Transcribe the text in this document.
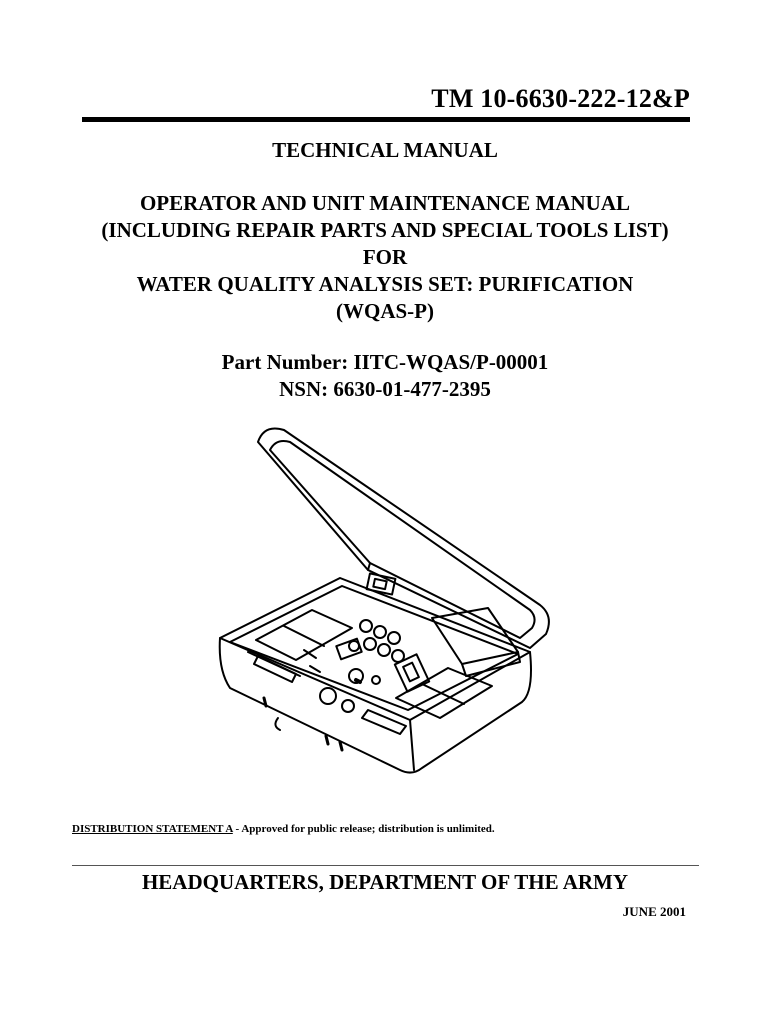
TM 10-6630-222-12&P
TECHNICAL MANUAL
OPERATOR AND UNIT MAINTENANCE MANUAL
(INCLUDING REPAIR PARTS AND SPECIAL TOOLS LIST)
FOR
WATER QUALITY ANALYSIS SET: PURIFICATION
(WQAS-P)
Part Number: IITC-WQAS/P-00001
NSN: 6630-01-477-2395
DISTRIBUTION STATEMENT A - Approved for public release; distribution is unlimited.
HEADQUARTERS, DEPARTMENT OF THE ARMY
JUNE 2001
